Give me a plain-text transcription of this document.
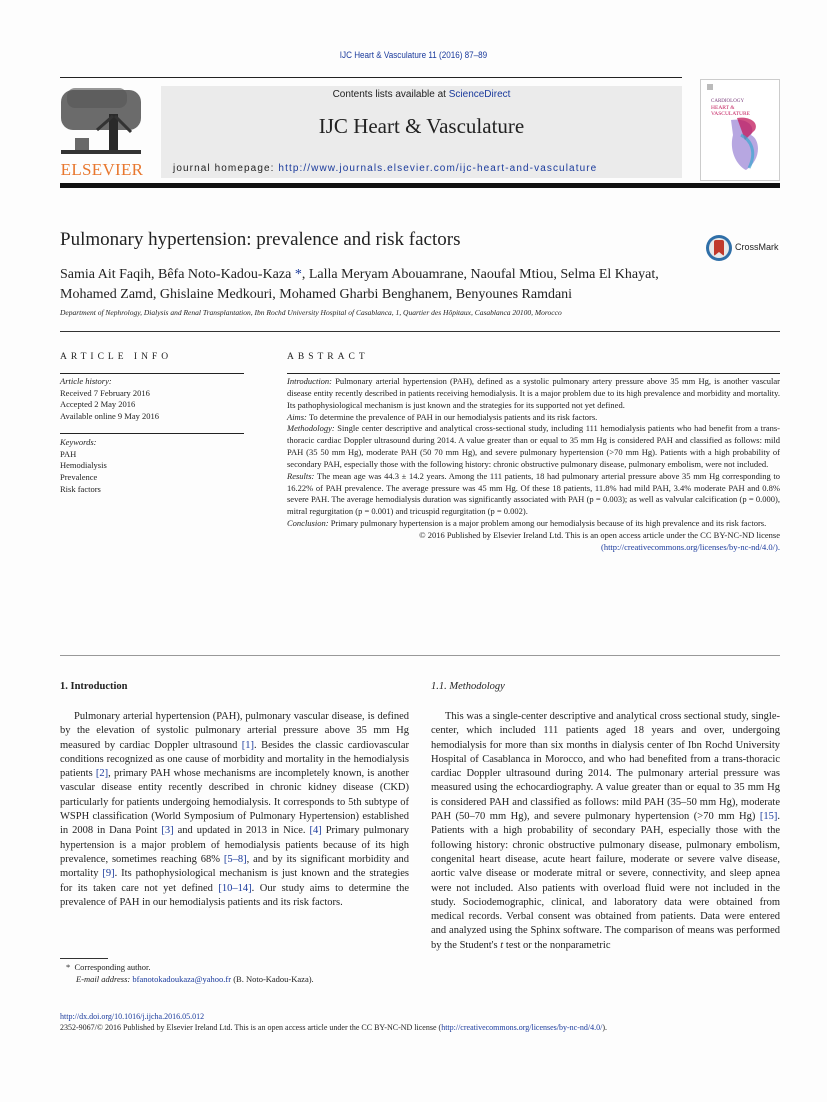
IJC Heart & Vasculature 11 (2016) 87–89
ELSEVIER
Contents lists available at ScienceDirect
IJC Heart & Vasculature
journal homepage: http://www.journals.elsevier.com/ijc-heart-and-vasculature
CARDIOLOGY
HEART &
VASCULATURE
Pulmonary hypertension: prevalence and risk factors	CrossMark
Samia Ait Faqih, Bêfa Noto-Kadou-Kaza *, Lalla Meryam Abouamrane, Naoufal Mtiou, Selma El Khayat,
Mohamed Zamd, Ghislaine Medkouri, Mohamed Gharbi Benghanem, Benyounes Ramdani
Department of Nephrology, Dialysis and Renal Transplantation, Ibn Rochd University Hospital of Casablanca, 1, Quartier des Hôpitaux, Casablanca 20100, Morocco
ARTICLE INFO
Article history:
Received 7 February 2016
Accepted 2 May 2016
Available online 9 May 2016
Keywords:
PAH
Hemodialysis
Prevalence
Risk factors
ABSTRACT

Introduction: Pulmonary arterial hypertension (PAH), defined as a systolic pulmonary artery pressure above 35 mm Hg, is another vascular disease entity recently described in patients receiving hemodialysis. It is a major problem due to its high prevalence and morbidity and mortality. Its pathophysiological mechanism is just known and the strategies for its supported not yet defined.

Aims: To determine the prevalence of PAH in our hemodialysis patients and its risk factors.

Methodology: Single center descriptive and analytical cross-sectional study, including 111 hemodialysis patients who had benefit from a trans-thoracic cardiac Doppler ultrasound during 2014. A value greater than or equal to 35 mm Hg is considered PAH and classified as follows: mild PAH (35 50 mm Hg), moderate PAH (50 70 mm Hg), and severe pulmonary hypertension (>70 mm Hg). Patients with a high probability of secondary PAH, especially those with the following history: chronic obstructive pulmonary disease, pulmonary embolism, were not included.

Results: The mean age was 44.3 ± 14.2 years. Among the 111 patients, 18 had pulmonary arterial pressure above 35 mm Hg corresponding to 16.22% of PAH prevalence. The average pressure was 45 mm Hg. Of these 18 patients, 11.8% had mild PAH, 3.4% moderate PAH and 0.8% severe PAH. The average hemodialysis duration was significantly associated with PAH (p = 0.003); as well as valvular calcification (p = 0.000), mitral regurgitation (p = 0.001) and tricuspid regurgitation (p = 0.002).

Conclusion: Primary pulmonary hypertension is a major problem among our hemodialysis because of its high prevalence and its risk factors.

© 2016 Published by Elsevier Ireland Ltd. This is an open access article under the CC BY-NC-ND license
(http://creativecommons.org/licenses/by-nc-nd/4.0/).

1. Introduction

Pulmonary arterial hypertension (PAH), pulmonary vascular disease, is defined by the elevation of systolic pulmonary arterial pressure above 35 mm Hg measured by cardiac Doppler ultrasound [1]. Besides the classic cardiovascular conditions recognized as one cause of morbidity and mortality in the hemodialysis patients [2], primary PAH whose mechanisms are incompletely known, is another vascular disease entity recently described in chronic kidney disease (CKD) particularly for patients undergoing hemodialysis. It corresponds to 5th subtype of WSPH classification (World Symposium of Pulmonary Hypertension) established in 2008 in Dana Point [3] and updated in 2013 in Nice. [4] Primary pulmonary hypertension is a major problem of hemodialysis patients because of its high prevalence, sometimes reaching 68% [5–8], and by its significant morbidity and mortality [9]. Its pathophysiological mechanism is just known and the strategies for its taken care not yet defined [10–14]. Our study aims to determine the prevalence of PAH in our hemodialysis patients and its risk factors.

1.1. Methodology

This was a single-center descriptive and analytical cross sectional study, single-center, which included 111 patients aged 18 years and over, undergoing hemodialysis for more than six months in dialysis center of Ibn Rochd University Hospital of Casablanca in Morocco, and who had benefited from a trans-thoracic cardiac Doppler ultrasound during 2014. The pulmonary arterial pressure was measured using the echocardiography. A value greater than or equal to 35 mm Hg is considered PAH and classified as follows: mild PAH (35–50 mm Hg), moderate PAH (50–70 mm Hg), and severe pulmonary hypertension (>70 mm Hg) [15]. Patients with a high probability of secondary PAH, especially those with the following history: chronic obstructive pulmonary disease, pulmonary embolism, congenital heart disease, acute heart failure, moderate or severe valve disease, aortic valve disease or moderate mitral or severe, connectivity, and sleep apnea were not included. Also patients with overload fluid were not included in the study. Sociodemographic, clinical, and laboratory data were obtained from medical records. Verbal consent was obtained from patients. Data were entered and analyzed using the Sphinx software. The comparison of means was performed by the Student's t test or the nonparametric

* Corresponding author.
E-mail address: bfanotokadoukaza@yahoo.fr (B. Noto-Kadou-Kaza).
http://dx.doi.org/10.1016/j.ijcha.2016.05.012
2352-9067/© 2016 Published by Elsevier Ireland Ltd. This is an open access article under the CC BY-NC-ND license (http://creativecommons.org/licenses/by-nc-nd/4.0/).
